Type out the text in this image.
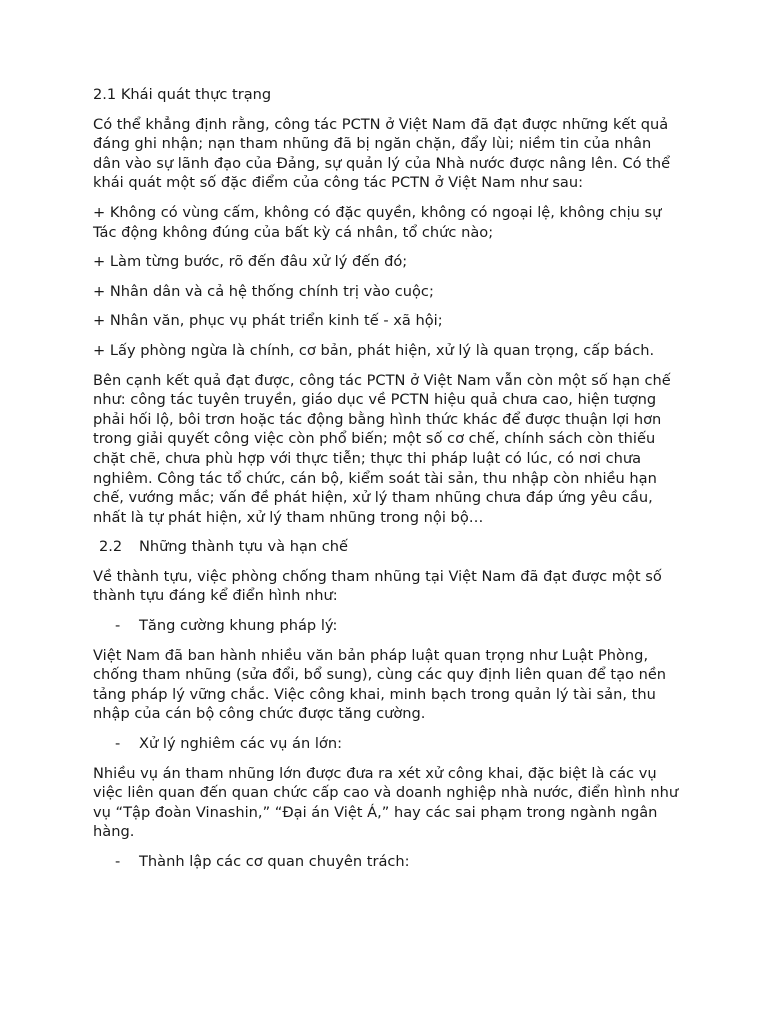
2.1 Khái quát thực trạng

Có thể khẳng định rằng, công tác PCTN ở Việt Nam đã đạt được những kết quả đáng ghi nhận; nạn tham nhũng đã bị ngăn chặn, đẩy lùi; niềm tin của nhân dân vào sự lãnh đạo của Đảng, sự quản lý của Nhà nước được nâng lên. Có thể khái quát một số đặc điểm của công tác PCTN ở Việt Nam như sau:

+ Không có vùng cấm, không có đặc quyền, không có ngoại lệ, không chịu sự Tác động không đúng của bất kỳ cá nhân, tổ chức nào;

+ Làm từng bước, rõ đến đâu xử lý đến đó;

+ Nhân dân và cả hệ thống chính trị vào cuộc;

+ Nhân văn, phục vụ phát triển kinh tế - xã hội;

+ Lấy phòng ngừa là chính, cơ bản, phát hiện, xử lý là quan trọng, cấp bách.

Bên cạnh kết quả đạt được, công tác PCTN ở Việt Nam vẫn còn một số hạn chế như: công tác tuyên truyền, giáo dục về PCTN hiệu quả chưa cao, hiện tượng phải hối lộ, bôi trơn hoặc tác động bằng hình thức khác để được thuận lợi hơn trong giải quyết công việc còn phổ biến; một số cơ chế, chính sách còn thiếu chặt chẽ, chưa phù hợp với thực tiễn; thực thi pháp luật có lúc, có nơi chưa nghiêm. Công tác tổ chức, cán bộ, kiểm soát tài sản, thu nhập còn nhiều hạn chế, vướng mắc; vấn đề phát hiện, xử lý tham nhũng chưa đáp ứng yêu cầu, nhất là tự phát hiện, xử lý tham nhũng trong nội bộ…

2.2 Những thành tựu và hạn chế

Về thành tựu, việc phòng chống tham nhũng tại Việt Nam đã đạt được một số thành tựu đáng kể điển hình như:

-	Tăng cường khung pháp lý:

Việt Nam đã ban hành nhiều văn bản pháp luật quan trọng như Luật Phòng, chống tham nhũng (sửa đổi, bổ sung), cùng các quy định liên quan để tạo nền tảng pháp lý vững chắc. Việc công khai, minh bạch trong quản lý tài sản, thu nhập của cán bộ công chức được tăng cường.

-	Xử lý nghiêm các vụ án lớn:

Nhiều vụ án tham nhũng lớn được đưa ra xét xử công khai, đặc biệt là các vụ việc liên quan đến quan chức cấp cao và doanh nghiệp nhà nước, điển hình như vụ “Tập đoàn Vinashin,” “Đại án Việt Á,” hay các sai phạm trong ngành ngân hàng.

-	Thành lập các cơ quan chuyên trách:
